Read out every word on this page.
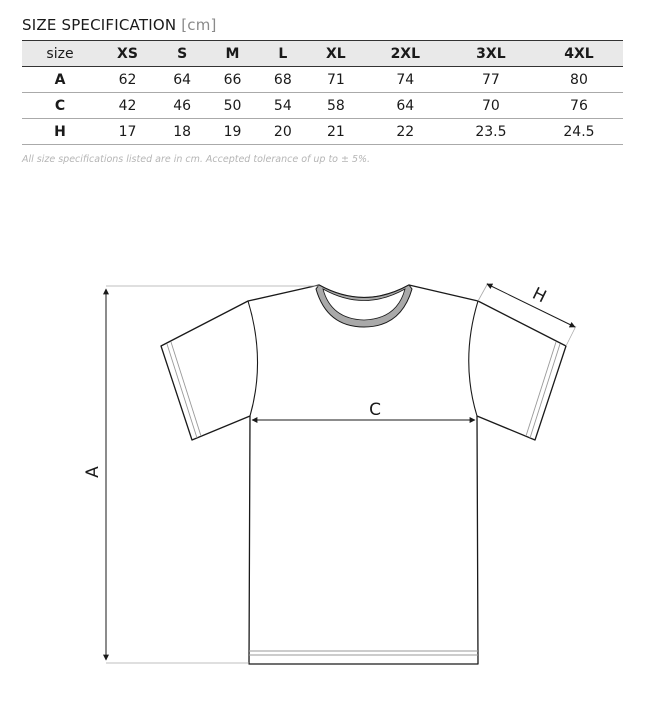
SIZE SPECIFICATION [cm]
size	XS	S	M	L	XL	2XL	3XL	4XL
A	62	64	66	68	71	74	77	80
C	42	46	50	54	58	64	70	76
H	17	18	19	20	21	22	23.5	24.5
All size specifications listed are in cm. Accepted tolerance of up to ± 5%.
A
C
H
